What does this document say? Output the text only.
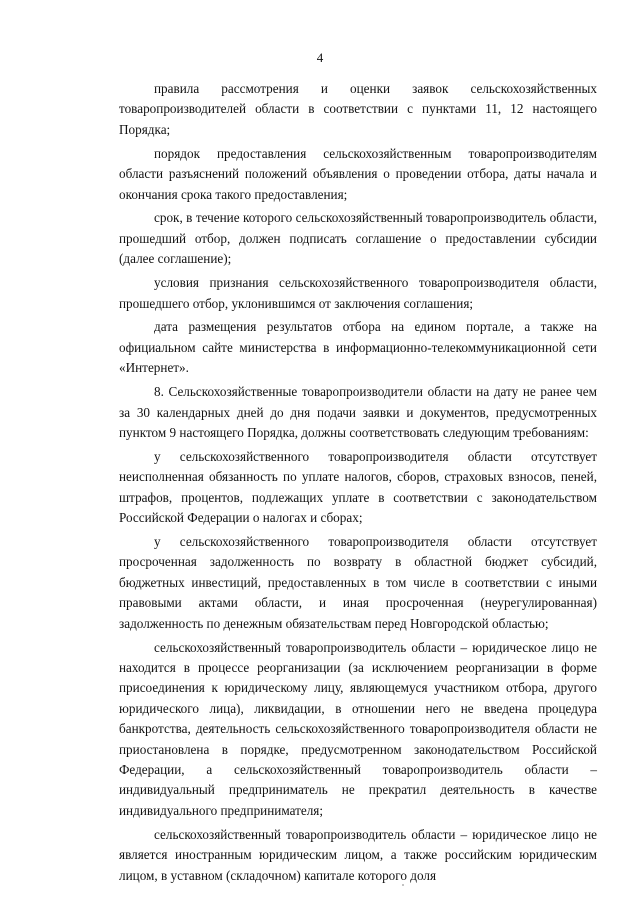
4

правила рассмотрения и оценки заявок сельскохозяйственных товаропроизводителей области в соответствии с пунктами 11, 12 настоящего Порядка;

порядок предоставления сельскохозяйственным товаропроизводителям области разъяснений положений объявления о проведении отбора, даты начала и окончания срока такого предоставления;

срок, в течение которого сельскохозяйственный товаропроизводитель области, прошедший отбор, должен подписать соглашение о предоставлении субсидии (далее соглашение);

условия признания сельскохозяйственного товаропроизводителя области, прошедшего отбор, уклонившимся от заключения соглашения;

дата размещения результатов отбора на едином портале, а также на официальном сайте министерства в информационно-телекоммуникационной сети «Интернет».

8. Сельскохозяйственные товаропроизводители области на дату не ранее чем за 30 календарных дней до дня подачи заявки и документов, предусмотренных пунктом 9 настоящего Порядка, должны соответствовать следующим требованиям:

у сельскохозяйственного товаропроизводителя области отсутствует неисполненная обязанность по уплате налогов, сборов, страховых взносов, пеней, штрафов, процентов, подлежащих уплате в соответствии с законодательством Российской Федерации о налогах и сборах;

у сельскохозяйственного товаропроизводителя области отсутствует просроченная задолженность по возврату в областной бюджет субсидий, бюджетных инвестиций, предоставленных в том числе в соответствии с иными правовыми актами области, и иная просроченная (неурегулированная) задолженность по денежным обязательствам перед Новгородской областью;

сельскохозяйственный товаропроизводитель области – юридическое лицо не находится в процессе реорганизации (за исключением реорганизации в форме присоединения к юридическому лицу, являющемуся участником отбора, другого юридического лица), ликвидации, в отношении него не введена процедура банкротства, деятельность сельскохозяйственного товаропроизводителя области не приостановлена в порядке, предусмотренном законодательством Российской Федерации, а сельскохозяйственный товаропроизводитель области – индивидуальный предприниматель не прекратил деятельность в качестве индивидуального предпринимателя;

сельскохозяйственный товаропроизводитель области – юридическое лицо не является иностранным юридическим лицом, а также российским юридическим лицом, в уставном (складочном) капитале которого доля
